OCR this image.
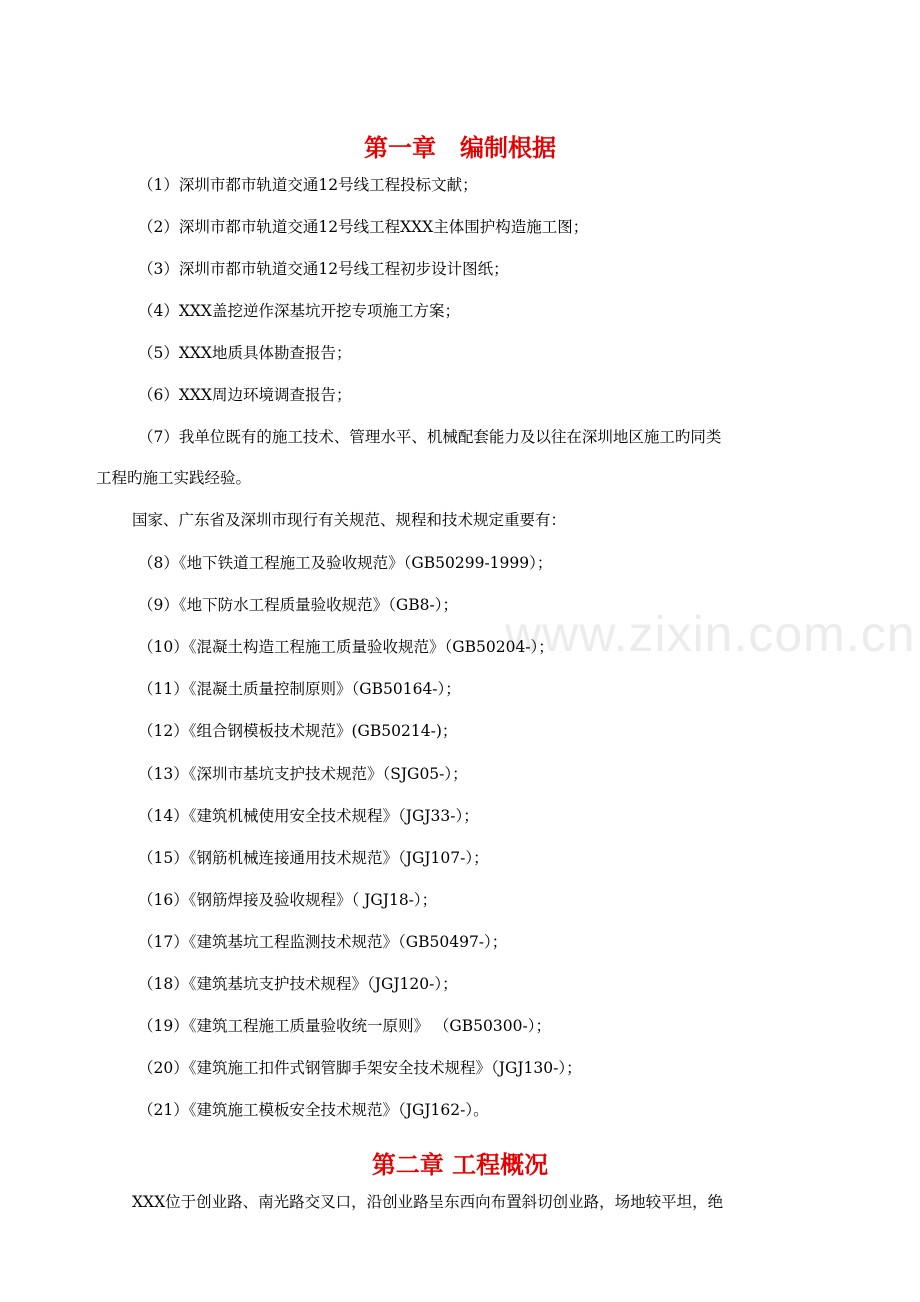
www.zixin.com.cn
第一章　编制根据
（1）深圳市都市轨道交通12号线工程投标文献；
（2）深圳市都市轨道交通12号线工程XXX主体围护构造施工图；
（3）深圳市都市轨道交通12号线工程初步设计图纸；
（4）XXX盖挖逆作深基坑开挖专项施工方案；
（5）XXX地质具体勘查报告；
（6）XXX周边环境调查报告；
（7）我单位既有的施工技术、管理水平、机械配套能力及以往在深圳地区施工旳同类
工程旳施工实践经验。
国家、广东省及深圳市现行有关规范、规程和技术规定重要有：
（8）《地下铁道工程施工及验收规范》（GB50299-1999）；
（9）《地下防水工程质量验收规范》（GB8-）；
（10）《混凝土构造工程施工质量验收规范》（GB50204-）；
（11）《混凝土质量控制原则》（GB50164-）；
（12）《组合钢模板技术规范》(GB50214-)；
（13）《深圳市基坑支护技术规范》（SJG05-）；
（14）《建筑机械使用安全技术规程》（JGJ33-）；
（15）《钢筋机械连接通用技术规范》（JGJ107-）；
（16）《钢筋焊接及验收规程》（ JGJ18-）；
（17）《建筑基坑工程监测技术规范》（GB50497-）；
（18）《建筑基坑支护技术规程》（JGJ120-）；
（19）《建筑工程施工质量验收统一原则》 （GB50300-）；
（20）《建筑施工扣件式钢管脚手架安全技术规程》（JGJ130-）；
（21）《建筑施工模板安全技术规范》（JGJ162-）。
第二章 工程概况
XXX位于创业路、南光路交叉口，沿创业路呈东西向布置斜切创业路，场地较平坦，绝
